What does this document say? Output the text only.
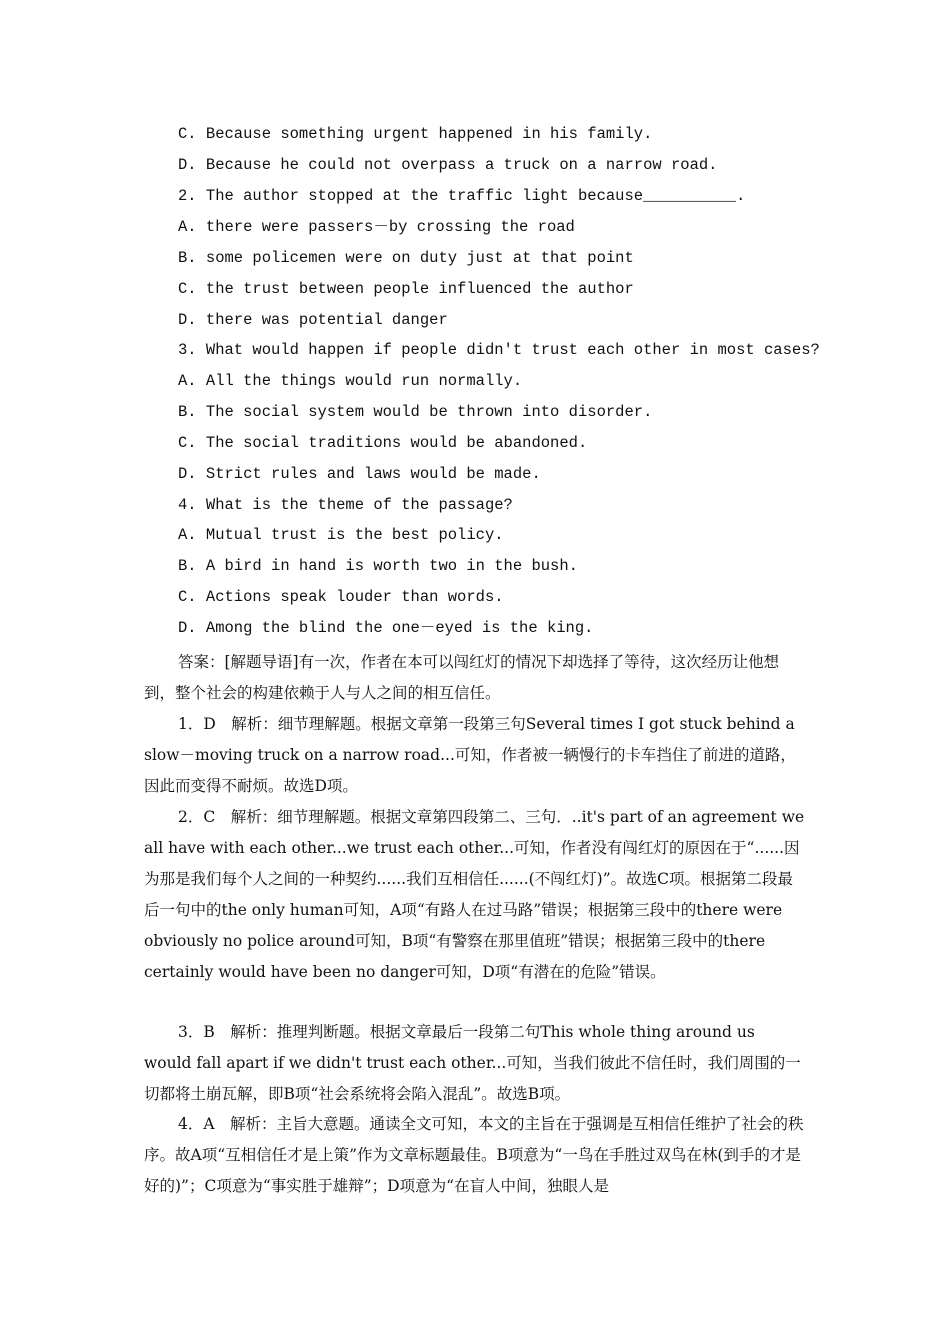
C. Because something urgent happened in his family.
D. Because he could not overpass a truck on a narrow road.
2. The author stopped at the traffic light because__________.
A. there were passers－by crossing the road
B. some policemen were on duty just at that point
C. the trust between people influenced the author
D. there was potential danger
3. What would happen if people didn't trust each other in most cases?
A. All the things would run normally.
B. The social system would be thrown into disorder.
C. The social traditions would be abandoned.
D. Strict rules and laws would be made.
4. What is the theme of the passage?
A. Mutual trust is the best policy.
B. A bird in hand is worth two in the bush.
C. Actions speak louder than words.
D. Among the blind the one－eyed is the king.
答案：[解题导语]有一次，作者在本可以闯红灯的情况下却选择了等待，这次经历让他想到，整个社会的构建依赖于人与人之间的相互信任。
1．D　解析：细节理解题。根据文章第一段第三句Several times I got stuck behind a slow－moving truck on a narrow road...可知，作者被一辆慢行的卡车挡住了前进的道路，因此而变得不耐烦。故选D项。
2．C　解析：细节理解题。根据文章第四段第二、三句．..it's part of an agreement we all have with each other...we trust each other...可知，作者没有闯红灯的原因在于“......因为那是我们每个人之间的一种契约......我们互相信任......(不闯红灯)”。故选C项。根据第二段最后一句中的the only human可知，A项“有路人在过马路”错误；根据第三段中的there were obviously no police around可知，B项“有警察在那里值班”错误；根据第三段中的there certainly would have been no danger可知，D项“有潜在的危险”错误。
3．B　解析：推理判断题。根据文章最后一段第二句This whole thing around us would fall apart if we didn't trust each other...可知，当我们彼此不信任时，我们周围的一切都将土崩瓦解，即B项“社会系统将会陷入混乱”。故选B项。
4．A　解析：主旨大意题。通读全文可知，本文的主旨在于强调是互相信任维护了社会的秩序。故A项“互相信任才是上策”作为文章标题最佳。B项意为“一鸟在手胜过双鸟在林(到手的才是好的)”；C项意为“事实胜于雄辩”；D项意为“在盲人中间，独眼人是
